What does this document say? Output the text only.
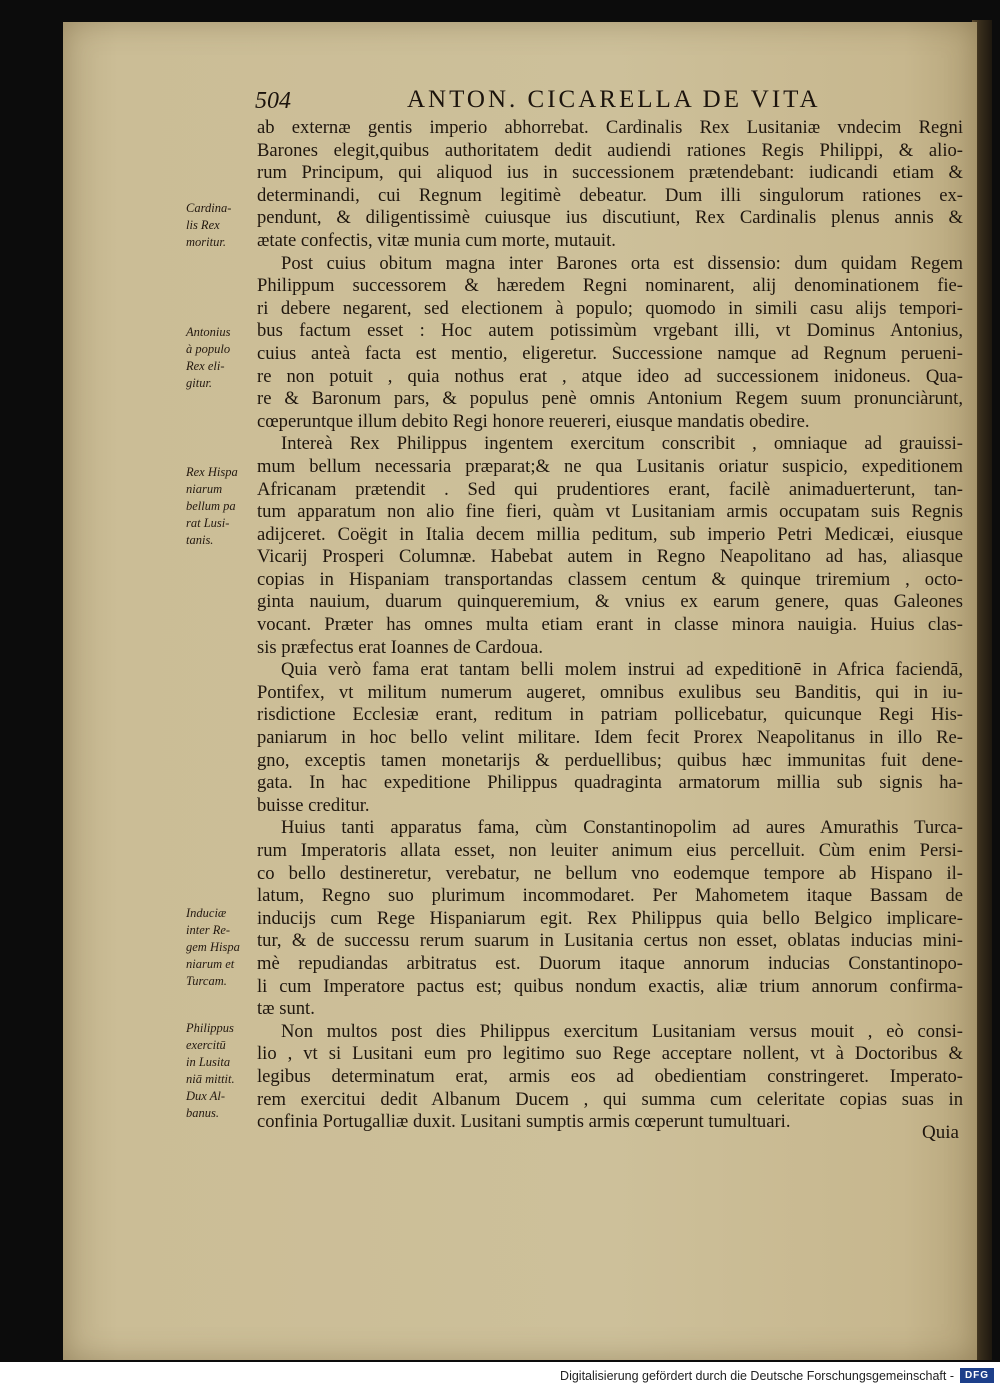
504	ANTON. CICARELLA DE VITA
ab externæ gentis imperio abhorrebat. Cardinalis Rex Lusitaniæ vndecim Regni
Barones elegit,quibus authoritatem dedit audiendi rationes Regis Philippi, & alio-
rum Principum, qui aliquod ius in successionem prætendebant: iudicandi etiam &
determinandi, cui Regnum legitimè debeatur. Dum illi singulorum rationes ex-
pendunt, & diligentissimè cuiusque ius discutiunt, Rex Cardinalis plenus annis &
ætate confectis, vitæ munia cum morte, mutauit.
Post cuius obitum magna inter Barones orta est dissensio: dum quidam Regem
Philippum successorem & hæredem Regni nominarent, alij denominationem fie-
ri debere negarent, sed electionem à populo; quomodo in simili casu alijs tempori-
bus factum esset : Hoc autem potissimùm vrgebant illi, vt Dominus Antonius,
cuius anteà facta est mentio, eligeretur. Successione namque ad Regnum perueni-
re non potuit , quia nothus erat , atque ideo ad successionem inidoneus. Qua-
re & Baronum pars, & populus penè omnis Antonium Regem suum pronunciàrunt,
cœperuntque illum debito Regi honore reuereri, eiusque mandatis obedire.
Intereà Rex Philippus ingentem exercitum conscribit , omniaque ad grauissi-
mum bellum necessaria præparat;& ne qua Lusitanis oriatur suspicio, expeditionem
Africanam prætendit . Sed qui prudentiores erant, facilè animaduerterunt, tan-
tum apparatum non alio fine fieri, quàm vt Lusitaniam armis occupatam suis Regnis
adijceret. Coëgit in Italia decem millia peditum, sub imperio Petri Medicæi, eiusque
Vicarij Prosperi Columnæ. Habebat autem in Regno Neapolitano ad has, aliasque
copias in Hispaniam transportandas classem centum & quinque triremium , octo-
ginta nauium, duarum quinqueremium, & vnius ex earum genere, quas Galeones
vocant. Præter has omnes multa etiam erant in classe minora nauigia. Huius clas-
sis præfectus erat Ioannes de Cardoua.
Quia verò fama erat tantam belli molem instrui ad expeditionē in Africa faciendā,
Pontifex, vt militum numerum augeret, omnibus exulibus seu Banditis, qui in iu-
risdictione Ecclesiæ erant, reditum in patriam pollicebatur, quicunque Regi His-
paniarum in hoc bello velint militare. Idem fecit Prorex Neapolitanus in illo Re-
gno, exceptis tamen monetarijs & perduellibus; quibus hæc immunitas fuit dene-
gata. In hac expeditione Philippus quadraginta armatorum millia sub signis ha-
buisse creditur.
Huius tanti apparatus fama, cùm Constantinopolim ad aures Amurathis Turca-
rum Imperatoris allata esset, non leuiter animum eius percelluit. Cùm enim Persi-
co bello destineretur, verebatur, ne bellum vno eodemque tempore ab Hispano il-
latum, Regno suo plurimum incommodaret. Per Mahometem itaque Bassam de
inducijs cum Rege Hispaniarum egit. Rex Philippus quia bello Belgico implicare-
tur, & de successu rerum suarum in Lusitania certus non esset, oblatas inducias mini-
mè repudiandas arbitratus est. Duorum itaque annorum inducias Constantinopo-
li cum Imperatore pactus est; quibus nondum exactis, aliæ trium annorum confirma-
tæ sunt.
Non multos post dies Philippus exercitum Lusitaniam versus mouit , eò consi-
lio , vt si Lusitani eum pro legitimo suo Rege acceptare nollent, vt à Doctoribus &
legibus determinatum erat, armis eos ad obedientiam constringeret. Imperato-
rem exercitui dedit Albanum Ducem , qui summa cum celeritate copias suas in
confinia Portugalliæ duxit. Lusitani sumptis armis cœperunt tumultuari.
Cardina-
lis Rex
moritur.
Antonius
à populo
Rex eli-
gitur.
Rex Hispa
niarum
bellum pa
rat Lusi-
tanis.
Induciæ
inter Re-
gem Hispa
niarum et
Turcam.
Philippus
exercitū
in Lusita
niā mittit.
Dux Al-
banus.
Quia
Digitalisierung gefördert durch die Deutsche Forschungsgemeinschaft -	DFG
